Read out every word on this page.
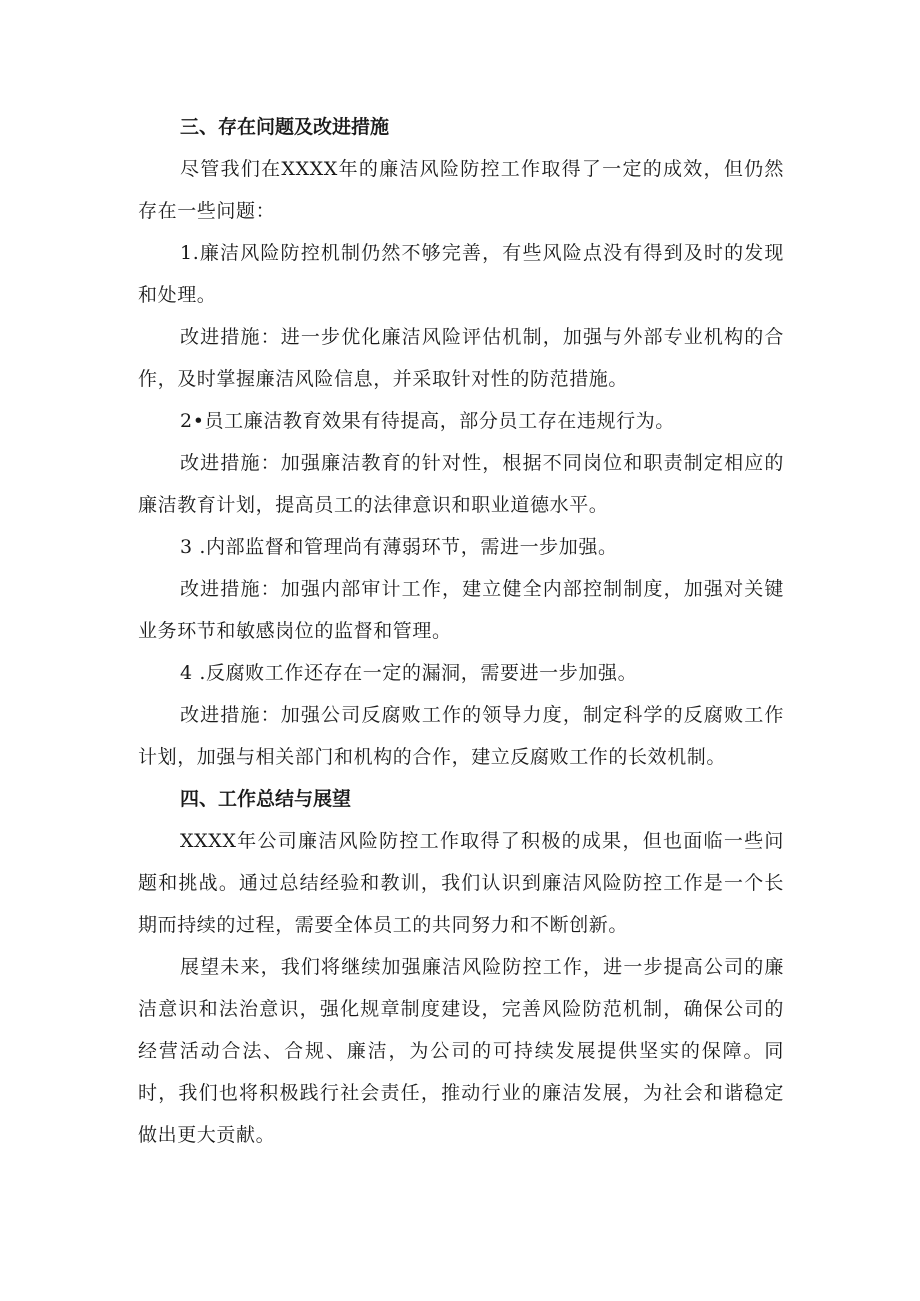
三、存在问题及改进措施

尽管我们在XXXX年的廉洁风险防控工作取得了一定的成效，但仍然存在一些问题：

1.廉洁风险防控机制仍然不够完善，有些风险点没有得到及时的发现和处理。

改进措施：进一步优化廉洁风险评估机制，加强与外部专业机构的合作，及时掌握廉洁风险信息，并采取针对性的防范措施。

2•员工廉洁教育效果有待提高，部分员工存在违规行为。

改进措施：加强廉洁教育的针对性，根据不同岗位和职责制定相应的廉洁教育计划，提高员工的法律意识和职业道德水平。

3 .内部监督和管理尚有薄弱环节，需进一步加强。

改进措施：加强内部审计工作，建立健全内部控制制度，加强对关键业务环节和敏感岗位的监督和管理。

4 .反腐败工作还存在一定的漏洞，需要进一步加强。

改进措施：加强公司反腐败工作的领导力度，制定科学的反腐败工作计划，加强与相关部门和机构的合作，建立反腐败工作的长效机制。

四、工作总结与展望

XXXX年公司廉洁风险防控工作取得了积极的成果，但也面临一些问题和挑战。通过总结经验和教训，我们认识到廉洁风险防控工作是一个长期而持续的过程，需要全体员工的共同努力和不断创新。

展望未来，我们将继续加强廉洁风险防控工作，进一步提高公司的廉洁意识和法治意识，强化规章制度建设，完善风险防范机制，确保公司的经营活动合法、合规、廉洁，为公司的可持续发展提供坚实的保障。同时，我们也将积极践行社会责任，推动行业的廉洁发展，为社会和谐稳定做出更大贡献。
